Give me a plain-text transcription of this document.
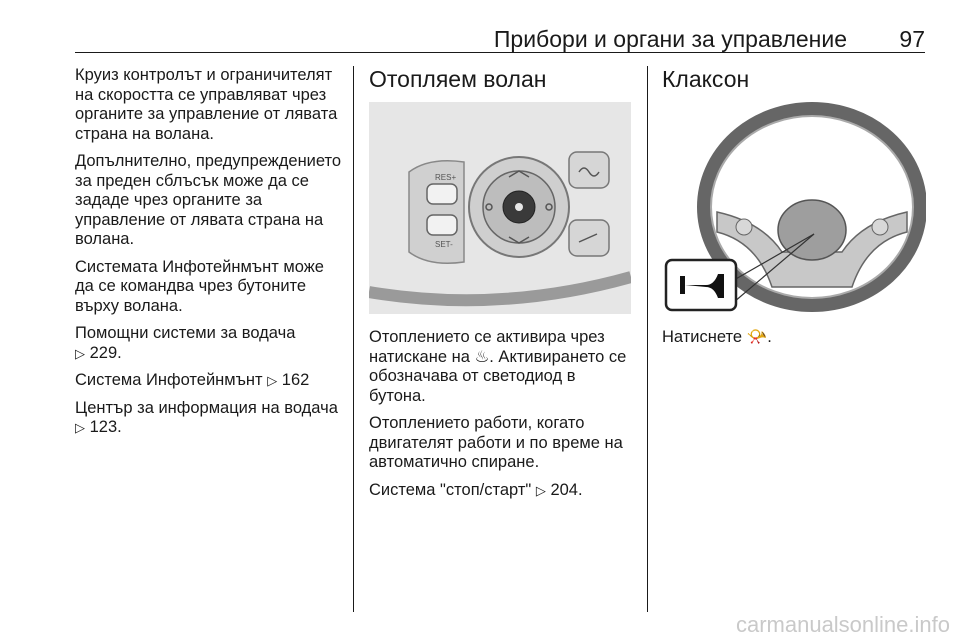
Прибори и органи за управление 97

Круиз контролът и ограничителят на скоростта се управляват чрез органите за управление от лявата страна на волана.

Допълнително, предупреждението за преден сблъсък може да се зададе чрез органите за управление от лявата страна на волана.

Системата Инфотейнмънт може да се командва чрез бутоните върху волана.

Помощни системи за водача
▷ 229.

Система Инфотейнмънт ▷ 162

Център за информация на водача
▷ 123.

Отопляем волан
RES+
SET-

Отоплението се активира чрез натискане на ♨. Активирането се обозначава от светодиод в бутона.

Отоплението работи, когато двигателят работи и по време на автоматично спиране.

Система "стоп/старт" ▷ 204.

Клаксон

Натиснете 📯.

carmanualsonline.info
